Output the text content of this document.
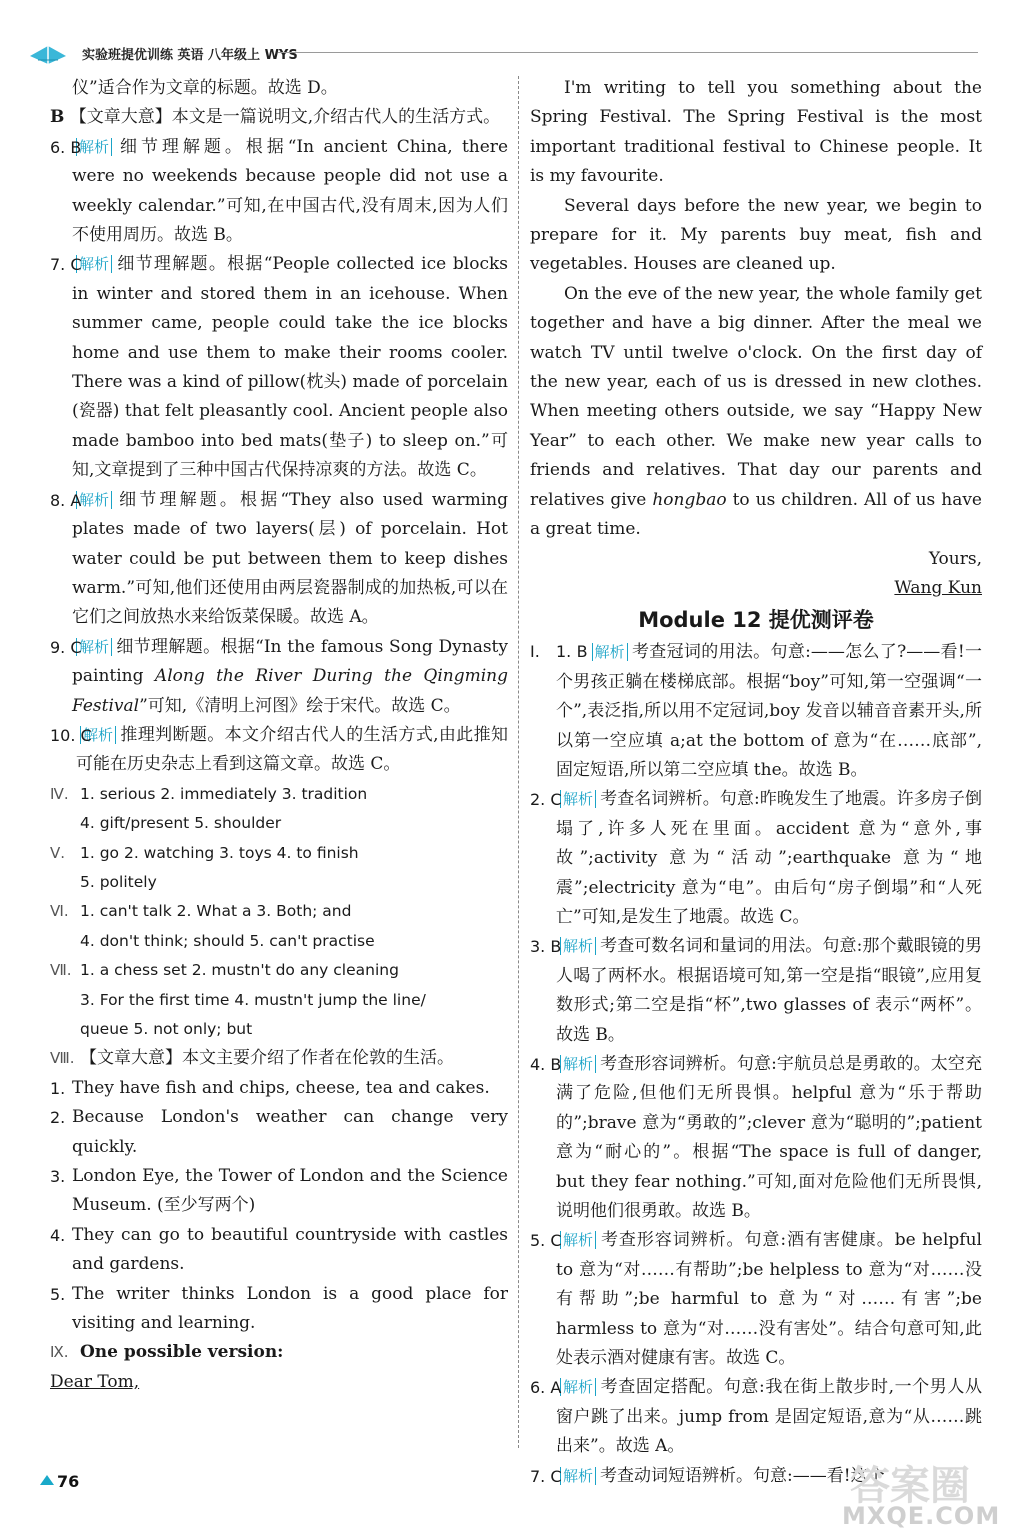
实验班提优训练 英语 八年级上 WYS

仪”适合作为文章的标题。故选 D。

B 【文章大意】本文是一篇说明文,介绍古代人的生活方式。

6. B
解析 细节理解题。根据“In ancient China, there were no weekends because people did not use a weekly calendar.”可知,在中国古代,没有周末,因为人们不使用周历。故选 B。
7. C
解析 细节理解题。根据“People collected ice blocks in winter and stored them in an icehouse. When summer came, people could take the ice blocks home and use them to make their rooms cooler. There was a kind of pillow(枕头) made of porcelain (瓷器) that felt pleasantly cool. Ancient people also made bamboo into bed mats(垫子) to sleep on.”可知,文章提到了三种中国古代保持凉爽的方法。故选 C。
8. A
解析 细节理解题。根据“They also used warming plates made of two layers(层) of porcelain. Hot water could be put between them to keep dishes warm.”可知,他们还使用由两层瓷器制成的加热板,可以在它们之间放热水来给饭菜保暖。故选 A。
9. C
解析 细节理解题。根据“In the famous Song Dynasty painting Along the River During the Qingming Festival”可知,《清明上河图》绘于宋代。故选 C。
10. C
解析 推理判断题。本文介绍古代人的生活方式,由此推知可能在历史杂志上看到这篇文章。故选 C。
Ⅳ. 1. serious 2. immediately 3. tradition
4. gift/present 5. shoulder
Ⅴ. 1. go 2. watching 3. toys 4. to finish
5. politely
Ⅵ. 1. can't talk 2. What a 3. Both; and
4. don't think; should 5. can't practise
Ⅶ. 1. a chess set 2. mustn't do any cleaning
3. For the first time 4. mustn't jump the line/
queue 5. not only; but

Ⅷ. 【文章大意】本文主要介绍了作者在伦敦的生活。

1. They have fish and chips, cheese, tea and cakes.
2. Because London's weather can change very quickly.
3. London Eye, the Tower of London and the Science Museum. (至少写两个)
4. They can go to beautiful countryside with castles and gardens.
5. The writer thinks London is a good place for visiting and learning.

Ⅸ. One possible version:

Dear Tom,

I'm writing to tell you something about the Spring Festival. The Spring Festival is the most important traditional festival to Chinese people. It is my favourite.

Several days before the new year, we begin to prepare for it. My parents buy meat, fish and vegetables. Houses are cleaned up.

On the eve of the new year, the whole family get together and have a big dinner. After the meal we watch TV until twelve o'clock. On the first day of the new year, each of us is dressed in new clothes. When meeting others outside, we say “Happy New Year” to each other. We make new year calls to friends and relatives. That day our parents and relatives give hongbao to us children. All of us have a great time.

Yours,

Wang Kun

Module 12 提优测评卷
Ⅰ. 1. B 解析 考查冠词的用法。句意:——怎么了?——看!一个男孩正躺在楼梯底部。根据“boy”可知,第一空强调“一个”,表泛指,所以用不定冠词,boy 发音以辅音音素开头,所以第一空应填 a;at the bottom of 意为“在……底部”,固定短语,所以第二空应填 the。故选 B。
2. C 解析 考查名词辨析。句意:昨晚发生了地震。许多房子倒塌了,许多人死在里面。accident 意为“意外,事故”;activity 意为“活动”;earthquake 意为“地震”;electricity 意为“电”。由后句“房子倒塌”和“人死亡”可知,是发生了地震。故选 C。
3. B 解析 考查可数名词和量词的用法。句意:那个戴眼镜的男人喝了两杯水。根据语境可知,第一空是指“眼镜”,应用复数形式;第二空是指“杯”,two glasses of 表示“两杯”。故选 B。
4. B 解析 考查形容词辨析。句意:宇航员总是勇敢的。太空充满了危险,但他们无所畏惧。helpful 意为“乐于帮助的”;brave 意为“勇敢的”;clever 意为“聪明的”;patient 意为“耐心的”。根据“The space is full of danger, but they fear nothing.”可知,面对危险他们无所畏惧,说明他们很勇敢。故选 B。
5. C 解析 考查形容词辨析。句意:酒有害健康。be helpful to 意为“对……有帮助”;be helpless to 意为“对……没有帮助”;be harmful to 意为“对……有害”;be harmless to 意为“对……没有害处”。结合句意可知,此处表示酒对健康有害。故选 C。
6. A 解析 考查固定搭配。句意:我在街上散步时,一个男人从窗户跳了出来。jump from 是固定短语,意为“从……跳出来”。故选 A。
7. C 解析 考查动词短语辨析。句意:——看!这个
76	答案圈
MXQE.COM
